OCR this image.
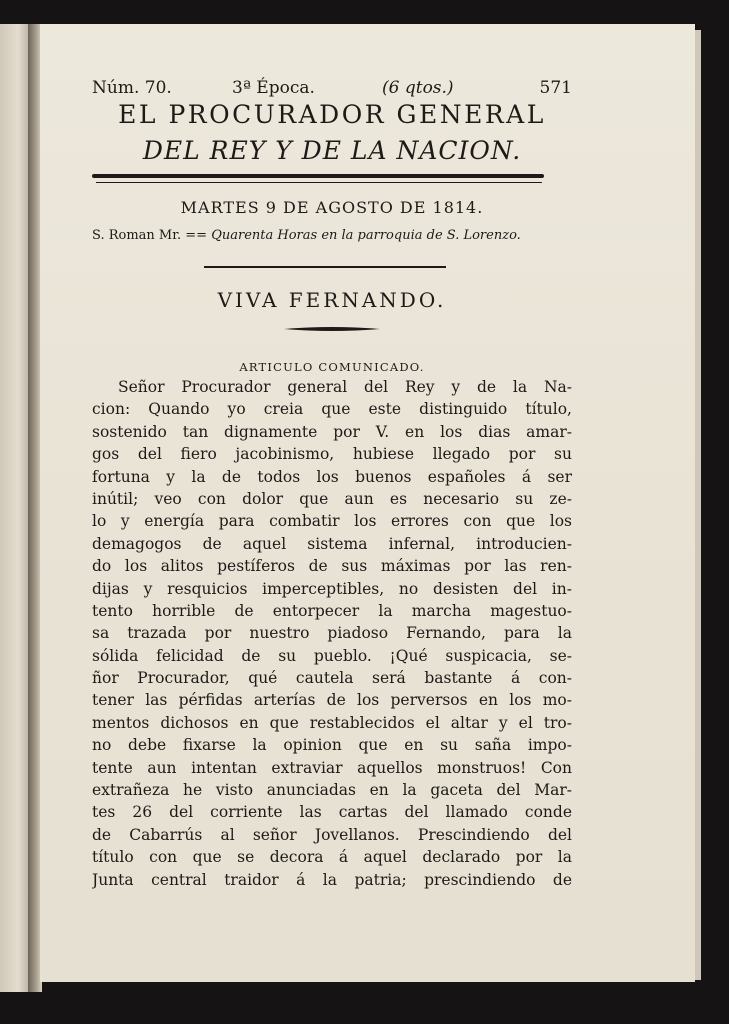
Núm. 70.	3ª Época.	(6 qtos.)	571
EL PROCURADOR GENERAL
DEL REY Y DE LA NACION.
MARTES 9 DE AGOSTO DE 1814.
S. Roman Mr. == Quarenta Horas en la parroquia de S. Lorenzo.
VIVA FERNANDO.
ARTICULO COMUNICADO.
Señor Procurador general del Rey y de la Na-
cion: Quando yo creia que este distinguido título,
sostenido tan dignamente por V. en los dias amar-
gos del fiero jacobinismo, hubiese llegado por su
fortuna y la de todos los buenos españoles á ser
inútil; veo con dolor que aun es necesario su ze-
lo y energía para combatir los errores con que los
demagogos de aquel sistema infernal, introducien-
do los alitos pestíferos de sus máximas por las ren-
dijas y resquicios imperceptibles, no desisten del in-
tento horrible de entorpecer la marcha magestuo-
sa trazada por nuestro piadoso Fernando, para la
sólida felicidad de su pueblo. ¡Qué suspicacia, se-
ñor Procurador, qué cautela será bastante á con-
tener las pérfidas arterías de los perversos en los mo-
mentos dichosos en que restablecidos el altar y el tro-
no debe fixarse la opinion que en su saña impo-
tente aun intentan extraviar aquellos monstruos! Con
extrañeza he visto anunciadas en la gaceta del Mar-
tes 26 del corriente las cartas del llamado conde
de Cabarrús al señor Jovellanos. Prescindiendo del
título con que se decora á aquel declarado por la
Junta central traidor á la patria; prescindiendo de
